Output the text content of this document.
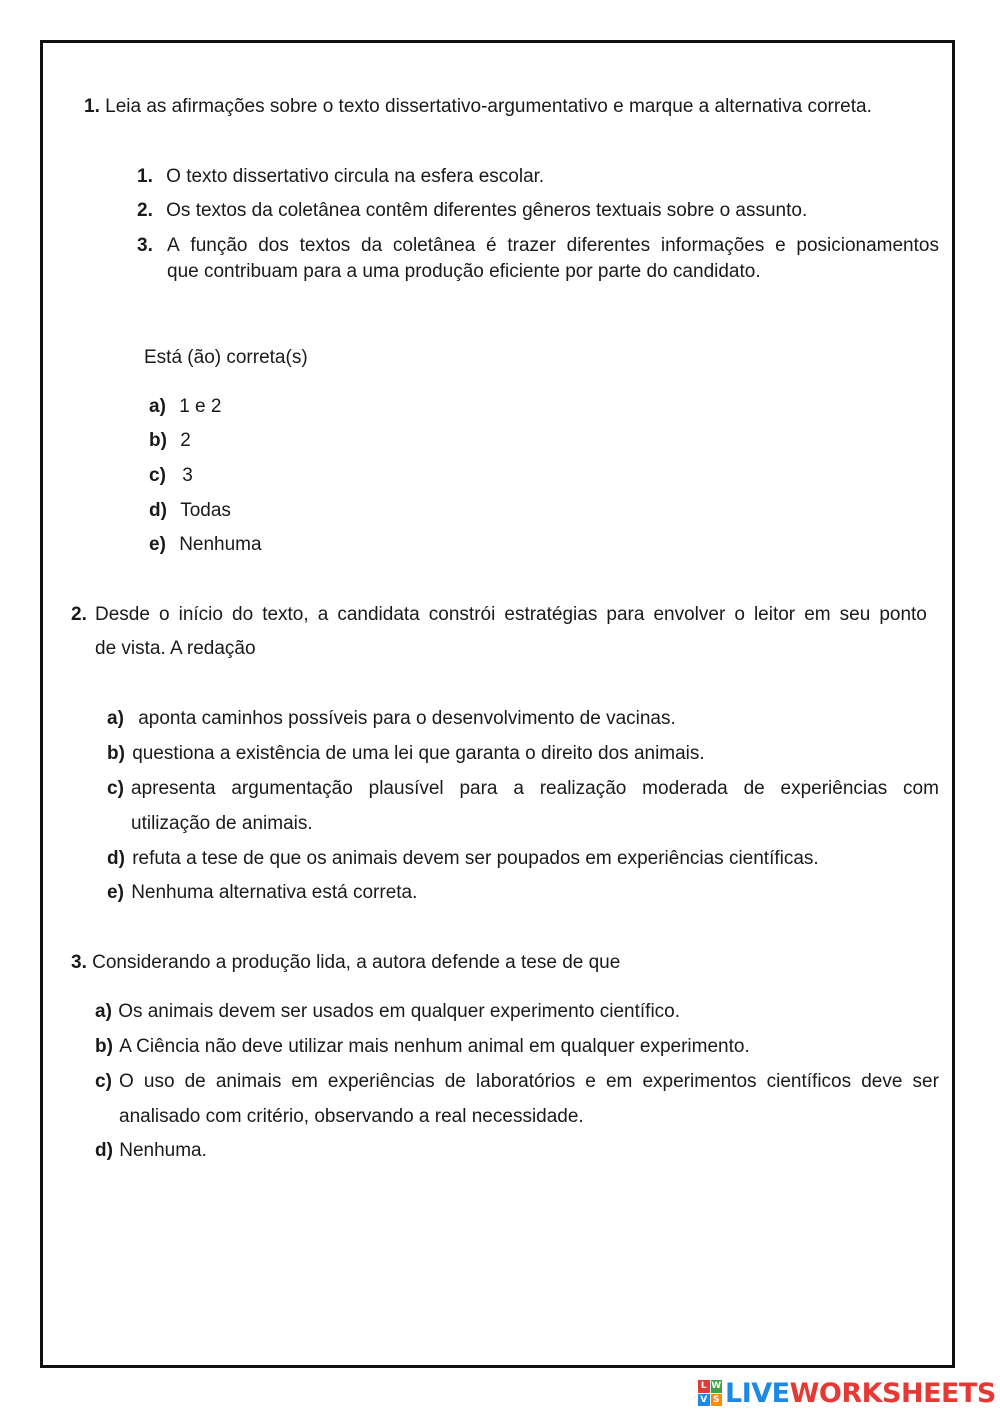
1. Leia as afirmações sobre o texto dissertativo-argumentativo e marque a alternativa correta.
1. O texto dissertativo circula na esfera escolar.
2. Os textos da coletânea contêm diferentes gêneros textuais sobre o assunto.
3. A função dos textos da coletânea é trazer diferentes informações e posicionamentos
que contribuam para a uma produção eficiente por parte do candidato.
Está (ão) correta(s)
a) 1 e 2
b) 2
c) 3
d) Todas
e) Nenhuma
2. Desde o início do texto, a candidata constrói estratégias para envolver o leitor em seu ponto
de vista. A redação
a) aponta caminhos possíveis para o desenvolvimento de vacinas.
b) questiona a existência de uma lei que garanta o direito dos animais.
c) apresenta argumentação plausível para a realização moderada de experiências com
utilização de animais.
d) refuta a tese de que os animais devem ser poupados em experiências científicas.
e) Nenhuma alternativa está correta.
3. Considerando a produção lida, a autora defende a tese de que
a) Os animais devem ser usados em qualquer experimento científico.
b) A Ciência não deve utilizar mais nenhum animal em qualquer experimento.
c) O uso de animais em experiências de laboratórios e em experimentos científicos deve ser
analisado com critério, observando a real necessidade.
d) Nenhuma.
L W
V S LIVE WORKSHEETS
